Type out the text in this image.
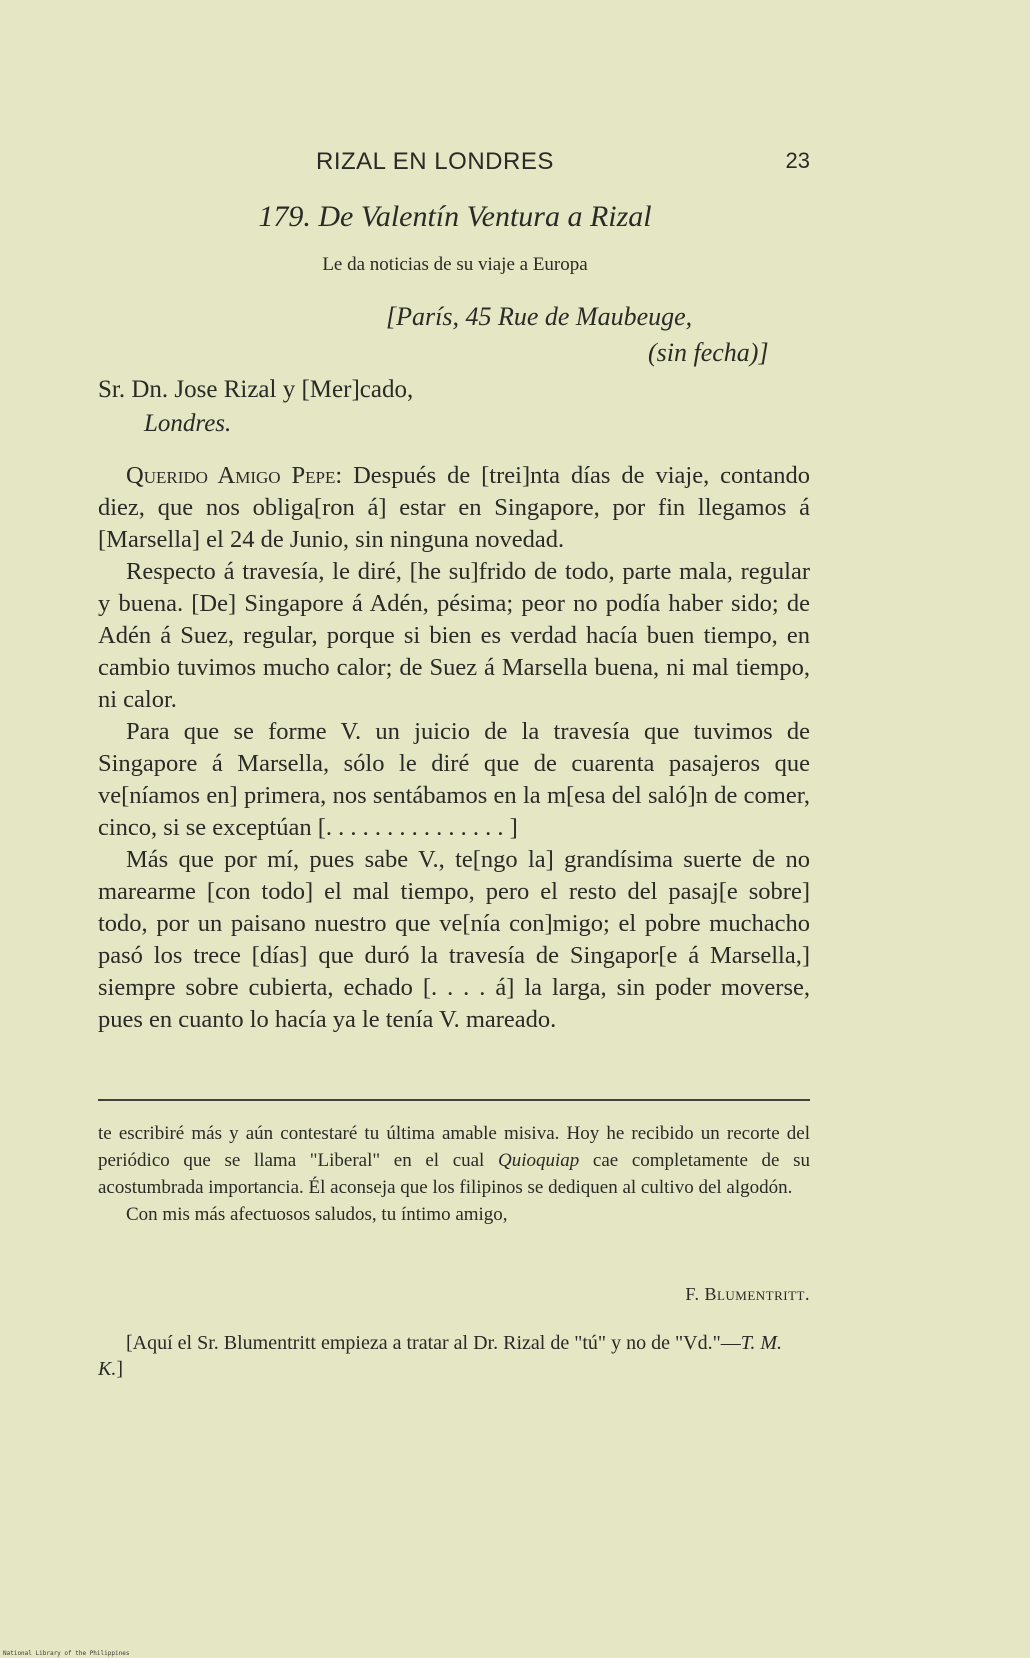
RIZAL EN LONDRES	23
179. De Valentín Ventura a Rizal
Le da noticias de su viaje a Europa
[París, 45 Rue de Maubeuge,
(sin fecha)]
Sr. Dn. Jose Rizal y [Mer]cado,
Londres.

Querido Amigo Pepe: Después de [trei]nta días de viaje, contando diez, que nos obliga[ron á] estar en Singapore, por fin llegamos á [Marsella] el 24 de Junio, sin ninguna novedad.

Respecto á travesía, le diré, [he su]frido de todo, parte mala, regular y buena. [De] Singapore á Adén, pésima; peor no podía haber sido; de Adén á Suez, regular, porque si bien es verdad hacía buen tiempo, en cambio tuvimos mucho calor; de Suez á Marsella buena, ni mal tiempo, ni calor.

Para que se forme V. un juicio de la travesía que tuvimos de Singapore á Marsella, sólo le diré que de cuarenta pasajeros que ve[níamos en] primera, nos sentábamos en la m[esa del saló]n de comer, cinco, si se exceptúan [. . . . . . . . . . . . . . . ]

Más que por mí, pues sabe V., te[ngo la] grandísima suerte de no marearme [con todo] el mal tiempo, pero el resto del pasaj[e sobre] todo, por un paisano nuestro que ve[nía con]migo; el pobre muchacho pasó los trece [días] que duró la travesía de Singapor[e á Marsella,] siempre sobre cubierta, echado [. . . . á] la larga, sin poder moverse, pues en cuanto lo hacía ya le tenía V. mareado.

te escribiré más y aún contestaré tu última amable misiva. Hoy he recibido un recorte del periódico que se llama "Liberal" en el cual Quioquiap cae completamente de su acostumbrada importancia. Él aconseja que los filipinos se dediquen al cultivo del algodón.

Con mis más afectuosos saludos, tu íntimo amigo,

F. Blumentritt.

[Aquí el Sr. Blumentritt empieza a tratar al Dr. Rizal de "tú" y no de "Vd."—T. M. K.]

National Library of the Philippines
